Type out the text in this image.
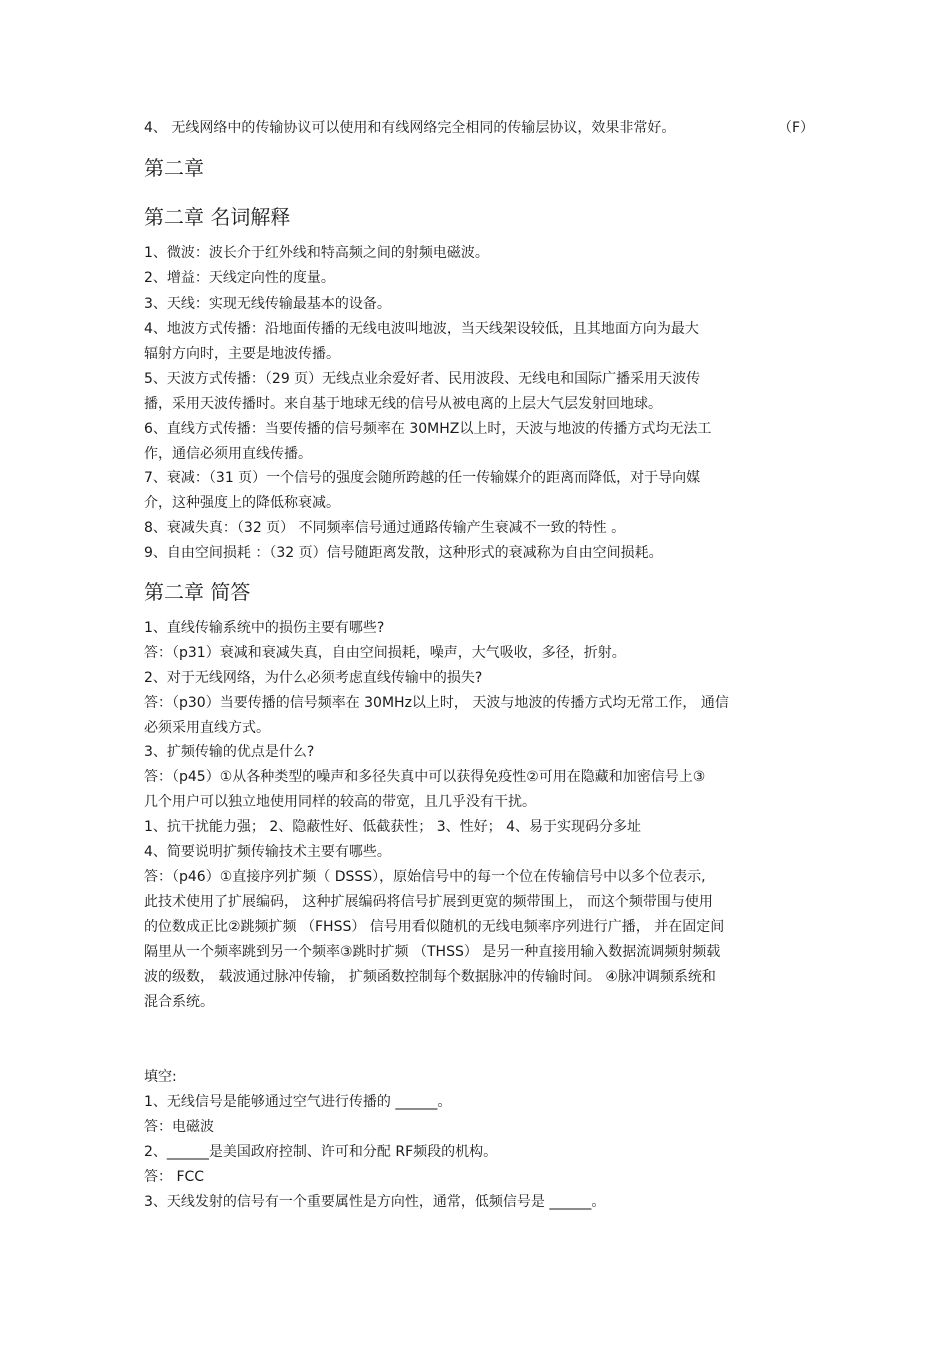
4、 无线网络中的传输协议可以使用和有线网络完全相同的传输层协议，效果非常好。	（F）
第二章
第二章 名词解释
1、微波：波长介于红外线和特高频之间的射频电磁波。
2、增益：天线定向性的度量。
3、天线：实现无线传输最基本的设备。
4、地波方式传播：沿地面传播的无线电波叫地波，当天线架设较低，且其地面方向为最大
辐射方向时，主要是地波传播。
5、天波方式传播：（29 页）无线点业余爱好者、民用波段、无线电和国际广播采用天波传
播，采用天波传播时。来自基于地球无线的信号从被电离的上层大气层发射回地球。
6、直线方式传播：当要传播的信号频率在 30MHZ以上时，天波与地波的传播方式均无法工
作，通信必须用直线传播。
7、衰减：（31 页）一个信号的强度会随所跨越的任一传输媒介的距离而降低，对于导向媒
介，这种强度上的降低称衰减。
8、衰减失真：（32 页） 不同频率信号通过通路传输产生衰减不一致的特性 。
9、自由空间损耗 ：（32 页）信号随距离发散，这种形式的衰减称为自由空间损耗。
第二章 简答
1、直线传输系统中的损伤主要有哪些?
答：（p31）衰减和衰减失真，自由空间损耗，噪声，大气吸收，多径，折射。
2、对于无线网络，为什么必须考虑直线传输中的损失?
答：（p30）当要传播的信号频率在 30MHz以上时， 天波与地波的传播方式均无常工作， 通信
必须采用直线方式。
3、扩频传输的优点是什么?
答：（p45）①从各种类型的噪声和多径失真中可以获得免疫性②可用在隐藏和加密信号上③
几个用户可以独立地使用同样的较高的带宽，且几乎没有干扰。
1、抗干扰能力强； 2、隐蔽性好、低截获性； 3、性好； 4、易于实现码分多址
4、简要说明扩频传输技术主要有哪些。
答：（p46）①直接序列扩频（ DSSS），原始信号中的每一个位在传输信号中以多个位表示,
此技术使用了扩展编码， 这种扩展编码将信号扩展到更宽的频带围上， 而这个频带围与使用
的位数成正比②跳频扩频 （FHSS） 信号用看似随机的无线电频率序列进行广播， 并在固定间
隔里从一个频率跳到另一个频率③跳时扩频 （THSS） 是另一种直接用输入数据流调频射频载
波的级数， 载波通过脉冲传输， 扩频函数控制每个数据脉冲的传输时间。 ④脉冲调频系统和
混合系统。
填空:
1、无线信号是能够通过空气进行传播的 ______。
答：电磁波
2、______是美国政府控制、许可和分配 RF频段的机构。
答： FCC
3、天线发射的信号有一个重要属性是方向性，通常，低频信号是 ______。
